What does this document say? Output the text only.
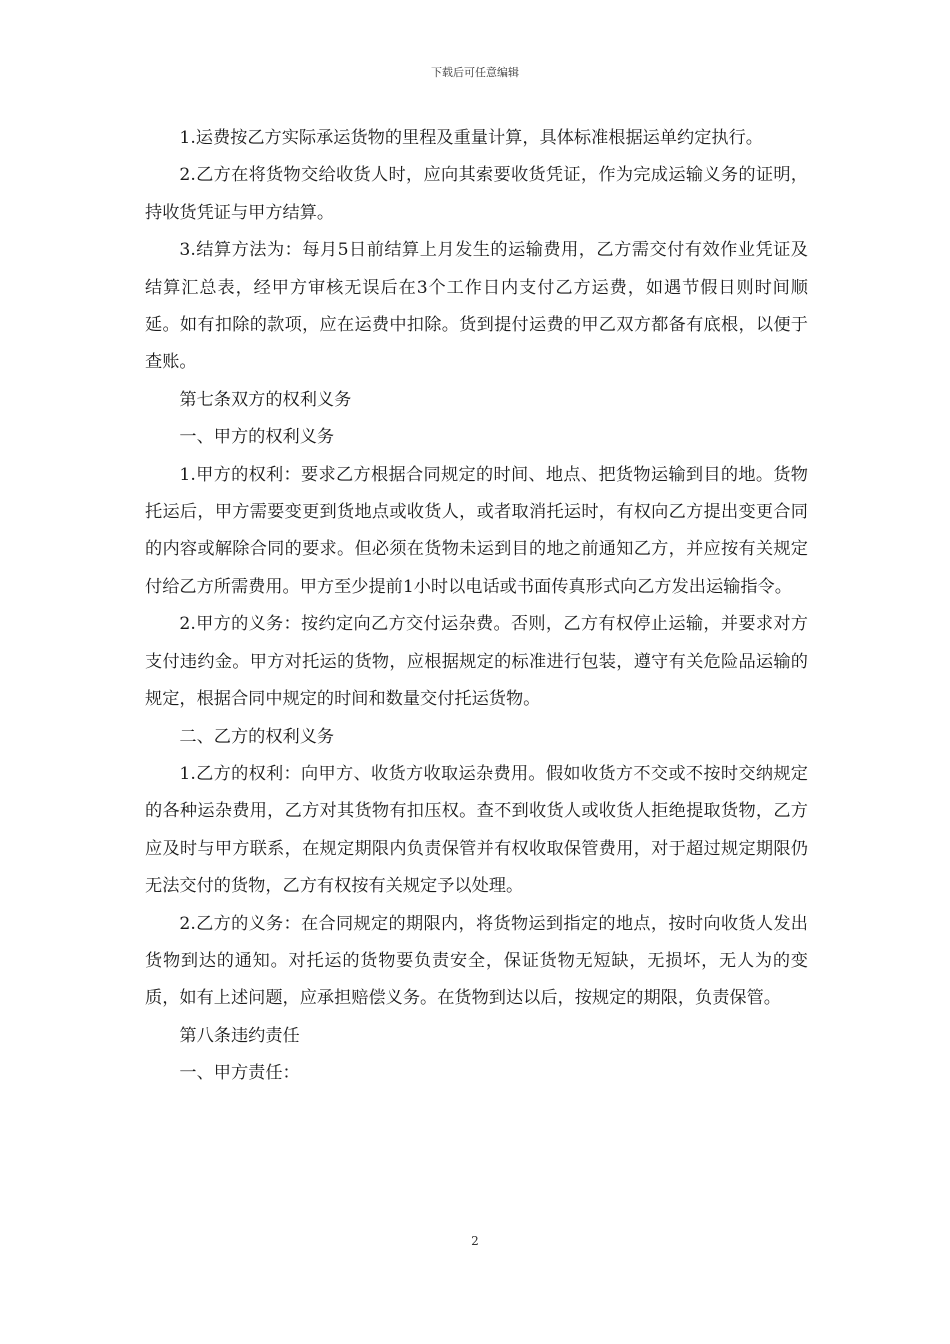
下载后可任意编辑

1.运费按乙方实际承运货物的里程及重量计算，具体标准根据运单约定执行。

2.乙方在将货物交给收货人时，应向其索要收货凭证，作为完成运输义务的证明，持收货凭证与甲方结算。

3.结算方法为：每月5日前结算上月发生的运输费用，乙方需交付有效作业凭证及结算汇总表，经甲方审核无误后在3个工作日内支付乙方运费，如遇节假日则时间顺延。如有扣除的款项，应在运费中扣除。货到提付运费的甲乙双方都备有底根，以便于查账。

第七条双方的权利义务

一、甲方的权利义务

1.甲方的权利：要求乙方根据合同规定的时间、地点、把货物运输到目的地。货物托运后，甲方需要变更到货地点或收货人，或者取消托运时，有权向乙方提出变更合同的内容或解除合同的要求。但必须在货物未运到目的地之前通知乙方，并应按有关规定付给乙方所需费用。甲方至少提前1小时以电话或书面传真形式向乙方发出运输指令。

2.甲方的义务：按约定向乙方交付运杂费。否则，乙方有权停止运输，并要求对方支付违约金。甲方对托运的货物，应根据规定的标准进行包装，遵守有关危险品运输的规定，根据合同中规定的时间和数量交付托运货物。

二、乙方的权利义务

1.乙方的权利：向甲方、收货方收取运杂费用。假如收货方不交或不按时交纳规定的各种运杂费用，乙方对其货物有扣压权。查不到收货人或收货人拒绝提取货物，乙方应及时与甲方联系，在规定期限内负责保管并有权收取保管费用，对于超过规定期限仍无法交付的货物，乙方有权按有关规定予以处理。

2.乙方的义务：在合同规定的期限内，将货物运到指定的地点，按时向收货人发出货物到达的通知。对托运的货物要负责安全，保证货物无短缺，无损坏，无人为的变质，如有上述问题，应承担赔偿义务。在货物到达以后，按规定的期限，负责保管。

第八条违约责任

一、甲方责任：

2
